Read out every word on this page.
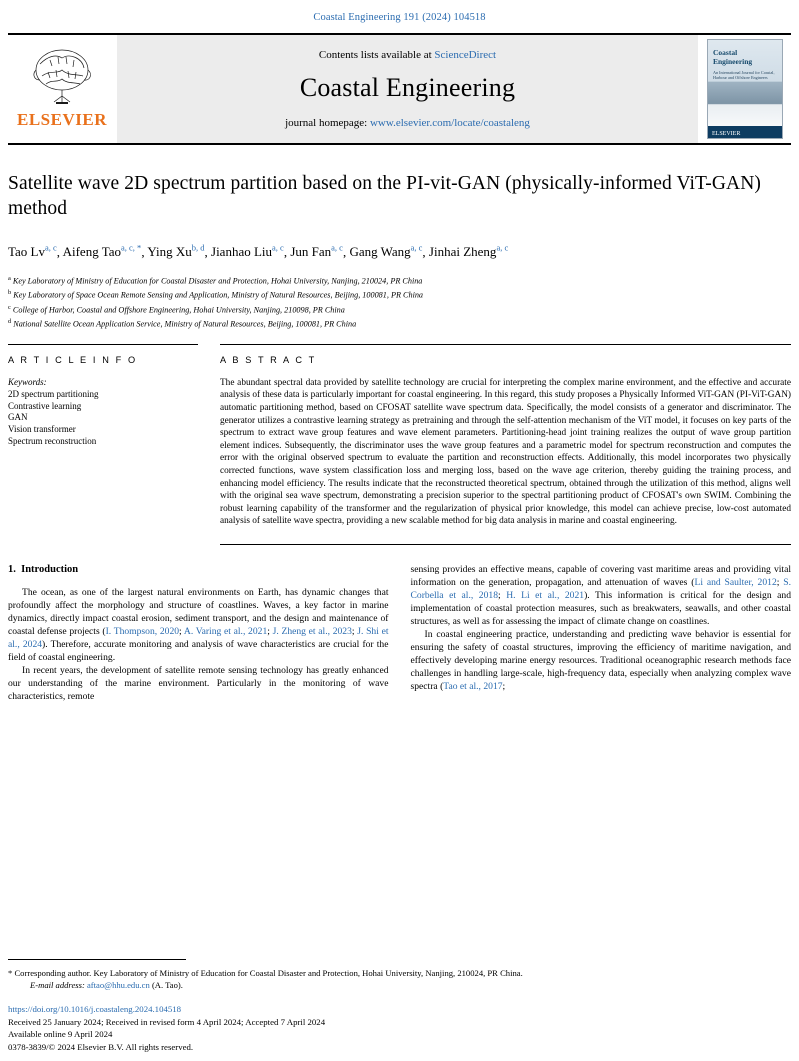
Coastal Engineering 191 (2024) 104518
ELSEVIER
Contents lists available at ScienceDirect
Coastal Engineering
journal homepage: www.elsevier.com/locate/coastaleng
Coastal Engineering
An International Journal for Coastal, Harbour and Offshore Engineers
ELSEVIER
Satellite wave 2D spectrum partition based on the PI-vit-GAN (physically-informed ViT-GAN) method
Tao Lv$^{a, c}$, Aifeng Tao$^{a, c, *}$, Ying Xu$^{b, d}$, Jianhao Liu$^{a, c}$, Jun Fan$^{a, c}$, Gang Wang$^{a, c}$, Jinhai Zheng$^{a, c}$
$^a$ Key Laboratory of Ministry of Education for Coastal Disaster and Protection, Hohai University, Nanjing, 210024, PR China
$^b$ Key Laboratory of Space Ocean Remote Sensing and Application, Ministry of Natural Resources, Beijing, 100081, PR China
$^c$ College of Harbor, Coastal and Offshore Engineering, Hohai University, Nanjing, 210098, PR China
$^d$ National Satellite Ocean Application Service, Ministry of Natural Resources, Beijing, 100081, PR China
A R T I C L E I N F O
Keywords:
2D spectrum partitioning
Contrastive learning
GAN
Vision transformer
Spectrum reconstruction
A B S T R A C T
The abundant spectral data provided by satellite technology are crucial for interpreting the complex marine environment, and the effective and accurate analysis of these data is particularly important for coastal engineering. In this regard, this study proposes a Physically Informed ViT-GAN (PI-ViT-GAN) automatic partitioning method, based on CFOSAT satellite wave spectrum data. Specifically, the model consists of a generator and discriminator. The generator utilizes a contrastive learning strategy as pretraining and through the self-attention mechanism of the ViT model, it focuses on key parts of the spectrum to extract wave group features and wave element parameters. Partitioning-head joint training realizes the output of wave group partition element indices. Subsequently, the discriminator uses the wave group features and a parametric model for spectrum reconstruction and computes the error with the original observed spectrum to evaluate the partition and reconstruction effects. Additionally, this model incorporates two physically corrected functions, wave system classification loss and merging loss, based on the wave age criterion, thereby guiding the training process, and enhancing model efficiency. The results indicate that the reconstructed theoretical spectrum, obtained through the utilization of this method, aligns well with the original sea wave spectrum, demonstrating a precision superior to the spectral partitioning product of CFOSAT's own SWIM. Combining the robust learning capability of the transformer and the regularization of physical prior knowledge, this model can achieve precise, low-cost automated analysis of satellite wave spectra, providing a new scalable method for big data analysis in marine and coastal engineering.
1. Introduction

The ocean, as one of the largest natural environments on Earth, has dynamic changes that profoundly affect the morphology and structure of coastlines. Waves, a key factor in marine dynamics, directly impact coastal erosion, sediment transport, and the design and maintenance of coastal defense projects (I. Thompson, 2020; A. Varing et al., 2021; J. Zheng et al., 2023; J. Shi et al., 2024). Therefore, accurate monitoring and analysis of wave characteristics are crucial for the field of coastal engineering.

In recent years, the development of satellite remote sensing technology has greatly enhanced our understanding of the marine environment. Particularly in the monitoring of wave characteristics, remote

sensing provides an effective means, capable of covering vast maritime areas and providing vital information on the generation, propagation, and attenuation of waves (Li and Saulter, 2012; S. Corbella et al., 2018; H. Li et al., 2021). This information is critical for the design and implementation of coastal protection measures, such as breakwaters, seawalls, and other coastal structures, as well as for assessing the impact of climate change on coastlines.

In coastal engineering practice, understanding and predicting wave behavior is essential for ensuring the safety of coastal structures, improving the efficiency of maritime navigation, and effectively developing marine energy resources. Traditional oceanographic research methods face challenges in handling large-scale, high-frequency data, especially when analyzing complex wave spectra (Tao et al., 2017;

* Corresponding author. Key Laboratory of Ministry of Education for Coastal Disaster and Protection, Hohai University, Nanjing, 210024, PR China.
E-mail address: aftao@hhu.edu.cn (A. Tao).
https://doi.org/10.1016/j.coastaleng.2024.104518
Received 25 January 2024; Received in revised form 4 April 2024; Accepted 7 April 2024
Available online 9 April 2024
0378-3839/© 2024 Elsevier B.V. All rights reserved.
